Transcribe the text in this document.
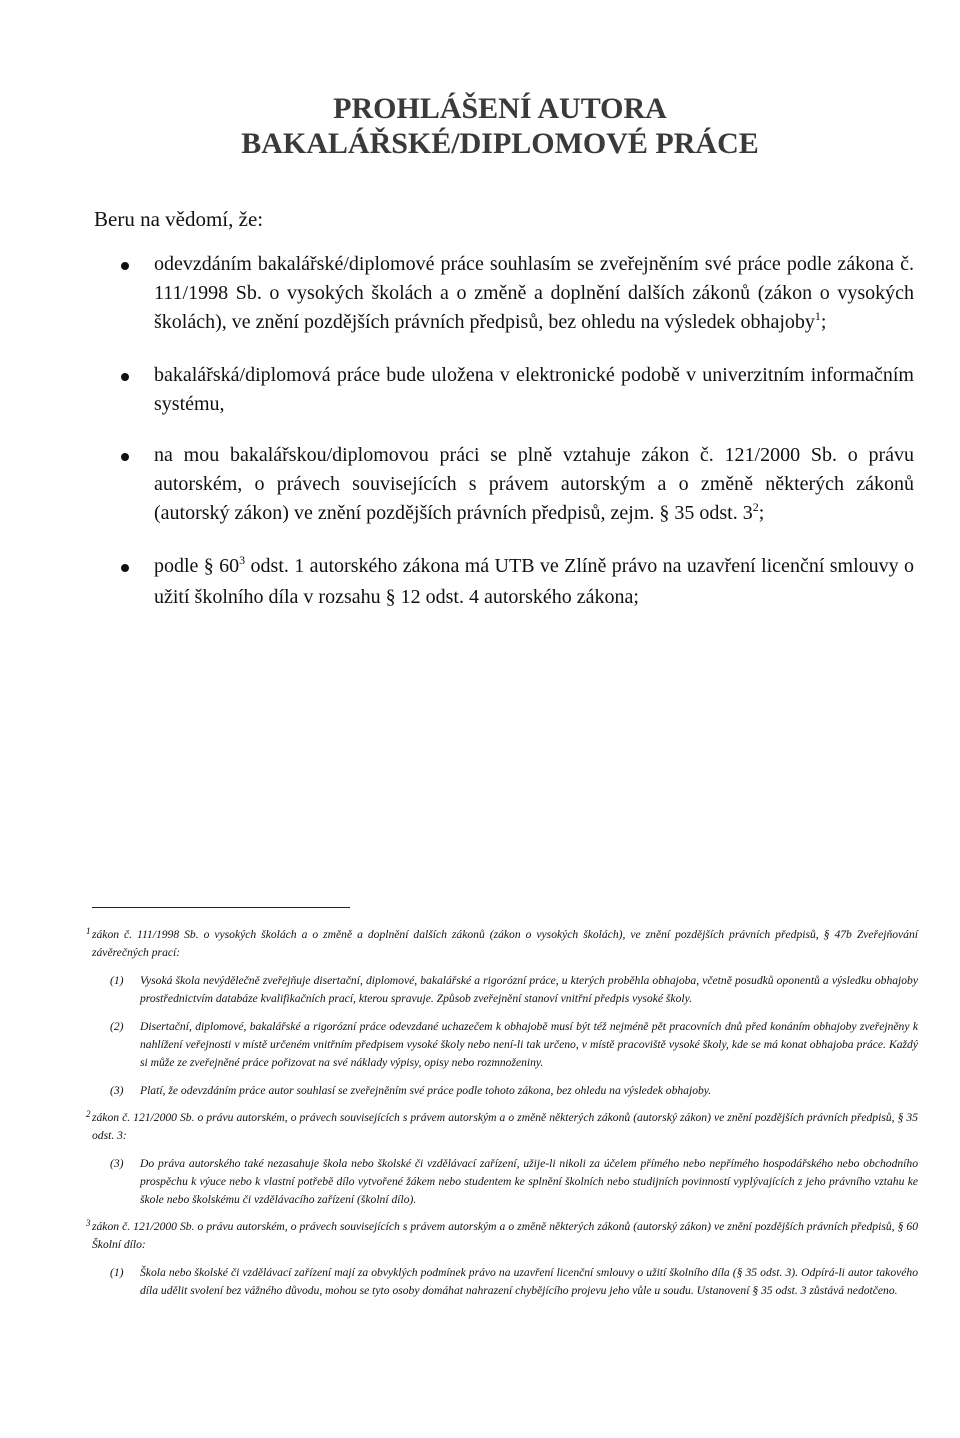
PROHLÁŠENÍ AUTORA
BAKALÁŘSKÉ/DIPLOMOVÉ PRÁCE

Beru na vědomí, že:

odevzdáním bakalářské/diplomové práce souhlasím se zveřejněním své práce podle zákona č. 111/1998 Sb. o vysokých školách a o změně a doplnění dalších zákonů (zákon o vysokých školách), ve znění pozdějších právních předpisů, bez ohledu na výsledek obhajoby$^1$;
bakalářská/diplomová práce bude uložena v elektronické podobě v univerzitním informačním systému,
na mou bakalářskou/diplomovou práci se plně vztahuje zákon č. 121/2000 Sb. o právu autorském, o právech souvisejících s právem autorským a o změně některých zákonů (autorský zákon) ve znění pozdějších právních předpisů, zejm. § 35 odst. $3^2$;
podle § $60^3$ odst. 1 autorského zákona má UTB ve Zlíně právo na uzavření licenční smlouvy o užití školního díla v rozsahu § 12 odst. 4 autorského zákona;
1 zákon č. 111/1998 Sb. o vysokých školách a o změně a doplnění dalších zákonů (zákon o vysokých školách), ve znění pozdějších právních předpisů, § 47b Zveřejňování závěrečných prací:

(1) Vysoká škola nevýdělečně zveřejňuje disertační, diplomové, bakalářské a rigorózní práce, u kterých proběhla obhajoba, včetně posudků oponentů a výsledku obhajoby prostřednictvím databáze kvalifikačních prací, kterou spravuje. Způsob zveřejnění stanoví vnitřní předpis vysoké školy.

(2) Disertační, diplomové, bakalářské a rigorózní práce odevzdané uchazečem k obhajobě musí být též nejméně pět pracovních dnů před konáním obhajoby zveřejněny k nahlížení veřejnosti v místě určeném vnitřním předpisem vysoké školy nebo není-li tak určeno, v místě pracoviště vysoké školy, kde se má konat obhajoba práce. Každý si může ze zveřejněné práce pořizovat na své náklady výpisy, opisy nebo rozmnoženiny.

(3) Platí, že odevzdáním práce autor souhlasí se zveřejněním své práce podle tohoto zákona, bez ohledu na výsledek obhajoby.

2 zákon č. 121/2000 Sb. o právu autorském, o právech souvisejících s právem autorským a o změně některých zákonů (autorský zákon) ve znění pozdějších právních předpisů, § 35 odst. 3:

(3) Do práva autorského také nezasahuje škola nebo školské či vzdělávací zařízení, užije-li nikoli za účelem přímého nebo nepřímého hospodářského nebo obchodního prospěchu k výuce nebo k vlastní potřebě dílo vytvořené žákem nebo studentem ke splnění školních nebo studijních povinností vyplývajících z jeho právního vztahu ke škole nebo školskému či vzdělávacího zařízení (školní dílo).

3 zákon č. 121/2000 Sb. o právu autorském, o právech souvisejících s právem autorským a o změně některých zákonů (autorský zákon) ve znění pozdějších právních předpisů, § 60 Školní dílo:

(1) Škola nebo školské či vzdělávací zařízení mají za obvyklých podmínek právo na uzavření licenční smlouvy o užití školního díla (§ 35 odst. 3). Odpírá-li autor takového díla udělit svolení bez vážného důvodu, mohou se tyto osoby domáhat nahrazení chybějícího projevu jeho vůle u soudu. Ustanovení § 35 odst. 3 zůstává nedotčeno.
